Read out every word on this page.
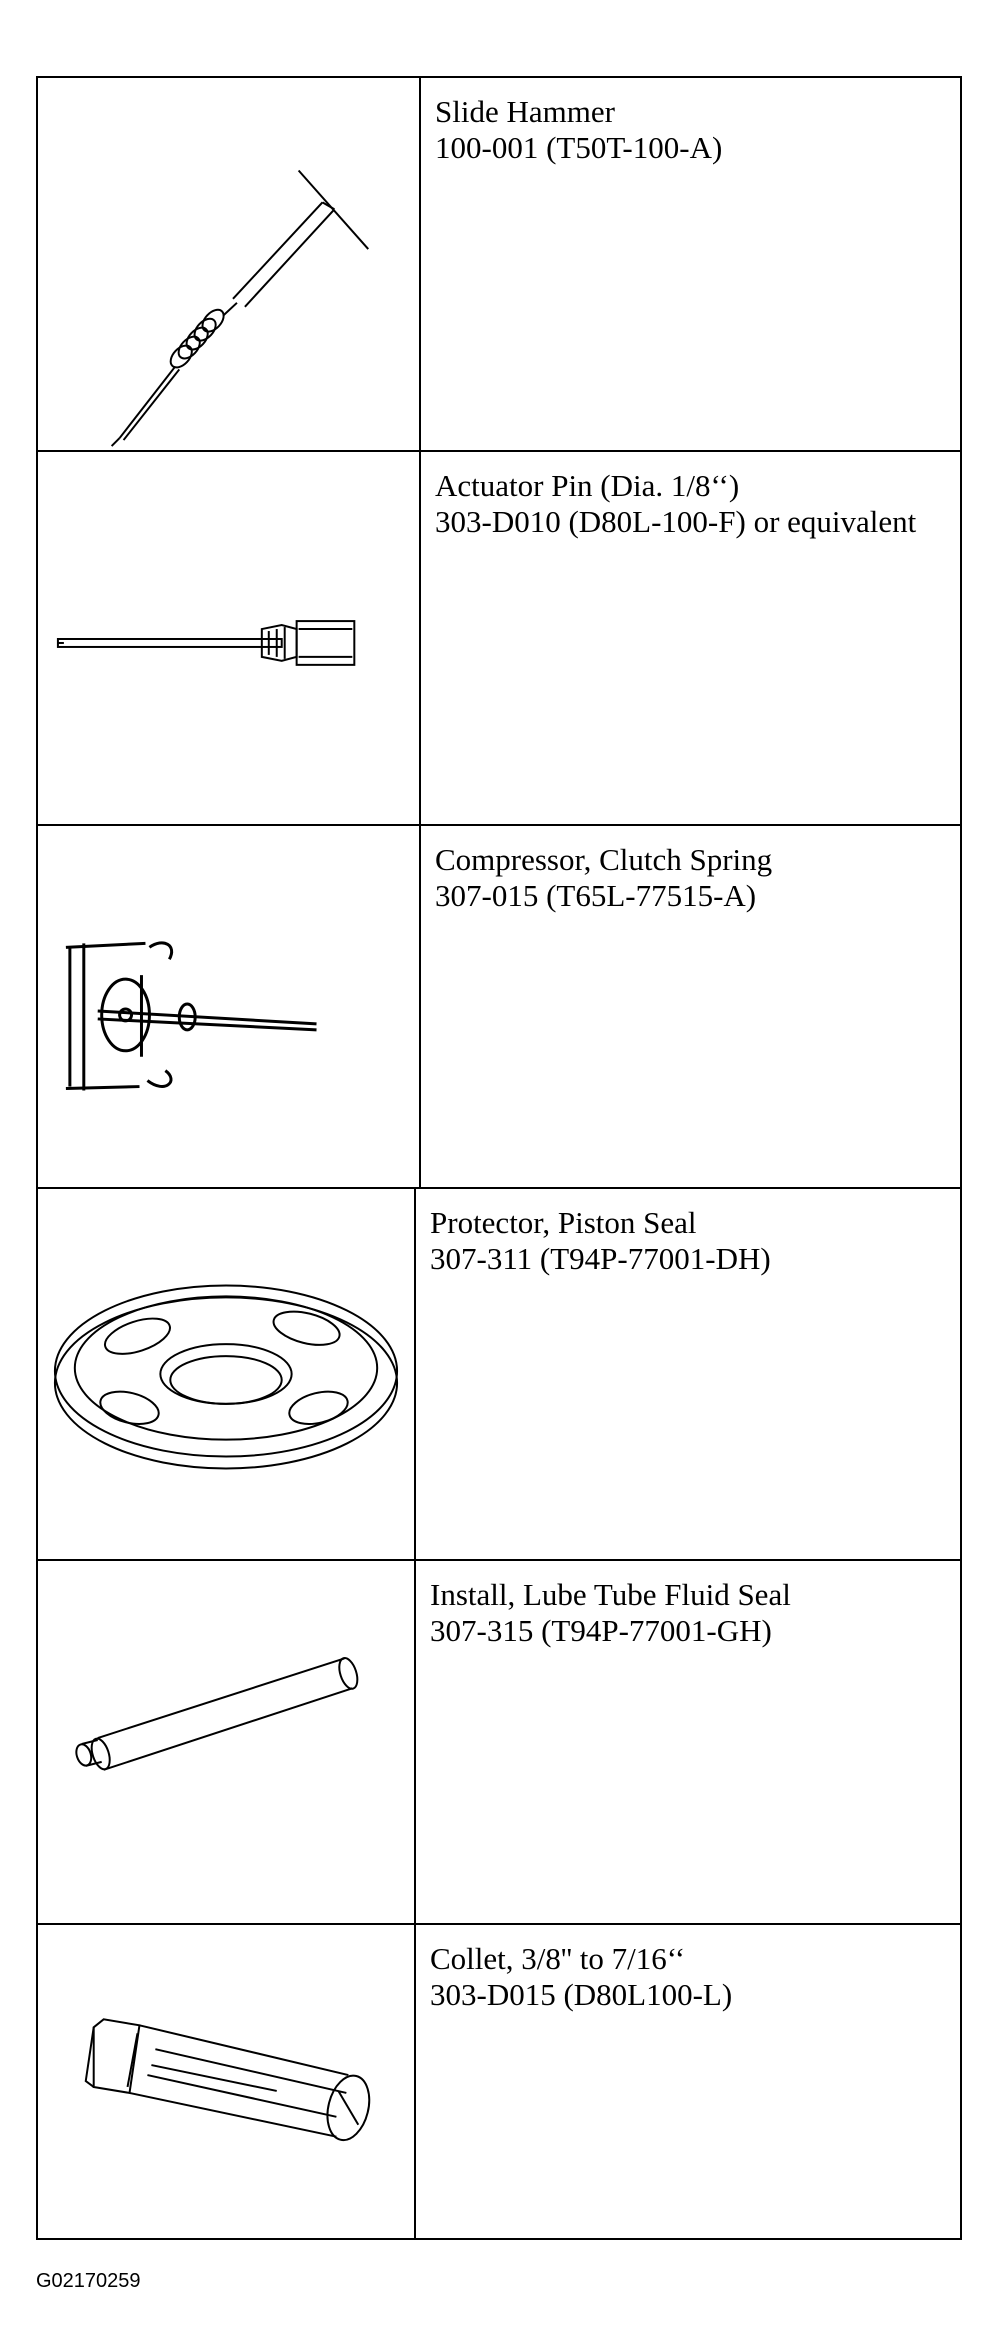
Slide Hammer
100-001 (T50T-100-A)
Actuator Pin (Dia. 1/8‘‘)
303-D010 (D80L-100-F) or equivalent
Compressor, Clutch Spring
307-015 (T65L-77515-A)
Protector, Piston Seal
307-311 (T94P-77001-DH)
Install, Lube Tube Fluid Seal
307-315 (T94P-77001-GH)
Collet, 3/8'' to 7/16‘‘
303-D015 (D80L100-L)
G02170259
